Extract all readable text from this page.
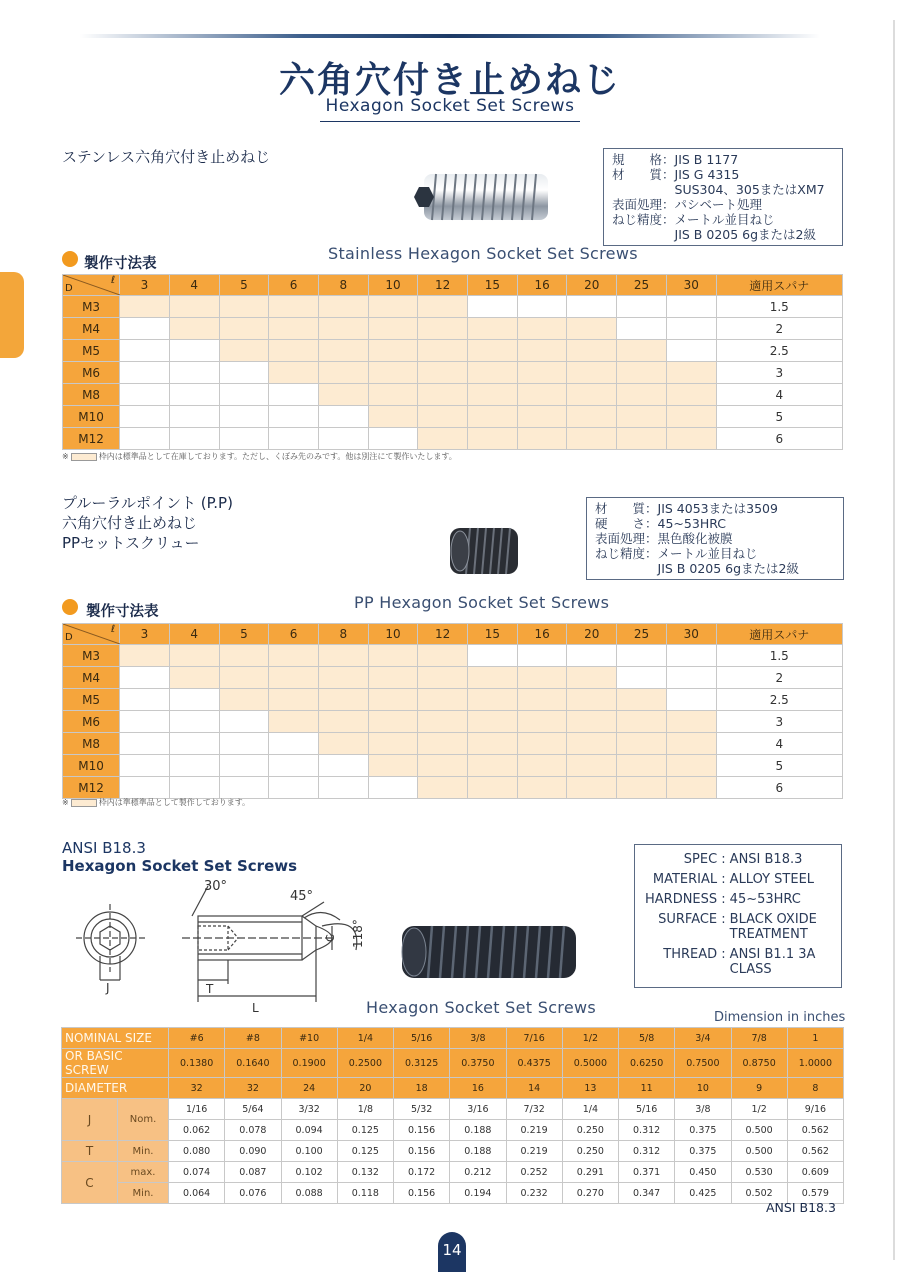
六角穴付き止めねじ
Hexagon Socket Set Screws
ステンレス六角穴付き止めねじ	規　　格	：	JIS B 1177
材　　質	：	JIS G 4315
	　	SUS304、305またはXM7
表面処理	：	パシベート処理
ねじ精度	：	メートル並目ねじ
	　	JIS B 0205 6gまたは2級
製作寸法表
Stainless Hexagon Socket Set Screws
D
ℓ	3	4	5	6	8	10	12	15	16	20	25	30	適用スパナ
M3													1.5
M4													2
M5													2.5
M6													3
M8													4
M10													5
M12													6
※	枠内は標準品として在庫しております。ただし、くぼみ先のみです。他は別注にて製作いたします。
プルーラルポイント (P.P)
六角穴付き止めねじ
PPセットスクリュー
材　　質	：	JIS 4053または3509
硬　　さ	：	45~53HRC
表面処理	：	黒色酸化被膜
ねじ精度	：	メートル並目ねじ
	　	JIS B 0205 6gまたは2級
製作寸法表	PP Hexagon Socket Set Screws
D
ℓ	3	4	5	6	8	10	12	15	16	20	25	30	適用スパナ
M3													1.5
M4													2
M5													2.5
M6													3
M8													4
M10													5
M12													6
※	枠内は準標準品として製作しております。
ANSI B18.3
Hexagon Socket Set Screws	SPEC :	ANSI B18.3
MATERIAL :	ALLOY STEEL
HARDNESS :	45~53HRC
SURFACE :	BLACK OXIDE TREATMENT
THREAD :	ANSI B1.1 3A CLASS
30°
45°
118°
C
J	T
L	Hexagon Socket Set Screws
Dimension in inches
NOMINAL SIZE		#6	#8	#10	1/4	5/16	3/8	7/16	1/2	5/8	3/4	7/8	1
OR BASIC SCREW		0.1380	0.1640	0.1900	0.2500	0.3125	0.3750	0.4375	0.5000	0.6250	0.7500	0.8750	1.0000
DIAMETER		32	32	24	20	18	16	14	13	11	10	9	8
J	Nom.	1/16	5/64	3/32	1/8	5/32	3/16	7/32	1/4	5/16	3/8	1/2	9/16
		0.062	0.078	0.094	0.125	0.156	0.188	0.219	0.250	0.312	0.375	0.500	0.562
T	Min.	0.080	0.090	0.100	0.125	0.156	0.188	0.219	0.250	0.312	0.375	0.500	0.562
C	max.	0.074	0.087	0.102	0.132	0.172	0.212	0.252	0.291	0.371	0.450	0.530	0.609
	Min.	0.064	0.076	0.088	0.118	0.156	0.194	0.232	0.270	0.347	0.425	0.502	0.579
ANSI B18.3
14
